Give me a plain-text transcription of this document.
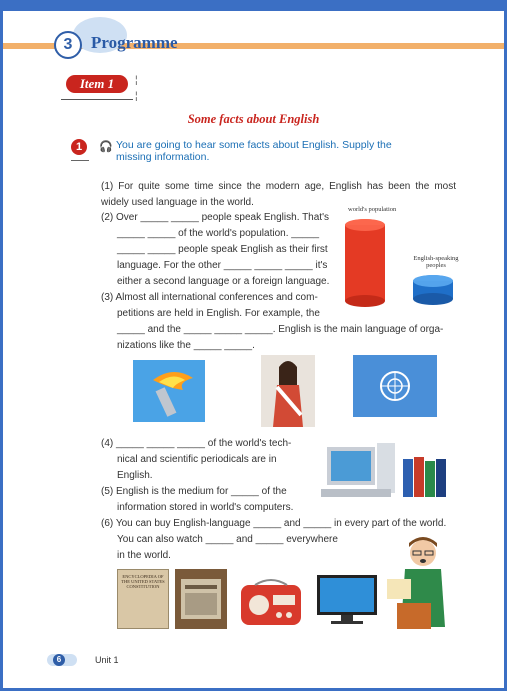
3	Programme
Item 1	¦
¦
Some facts about English
1	🎧 You are going to hear some facts about English. Supply the missing information.
(1) For quite some time since the modern age, English has been the most widely used language in the world.
(2) Over _____ _____ people speak English. That's
_____ _____ of the world's population. _____
_____ _____ people speak English as their first
language. For the other _____ _____ _____ it's
either a second language or a foreign language.
world's population
English-speaking peoples
(3) Almost all international conferences and com-
petitions are held in English. For example, the
_____ and the _____ _____ _____. English is the main language of orga-
nizations like the _____ _____.
(4) _____ _____ _____ of the world's tech-
nical and scientific periodicals are in
English.
(5) English is the medium for _____ of the
information stored in world's computers.
(6) You can buy English-language _____ and _____ in every part of the world.
You can also watch _____ and _____ everywhere
in the world.
ENCYCLOPEDIA OF
THE UNITED STATES
CONSTITUTION
6	Unit 1
